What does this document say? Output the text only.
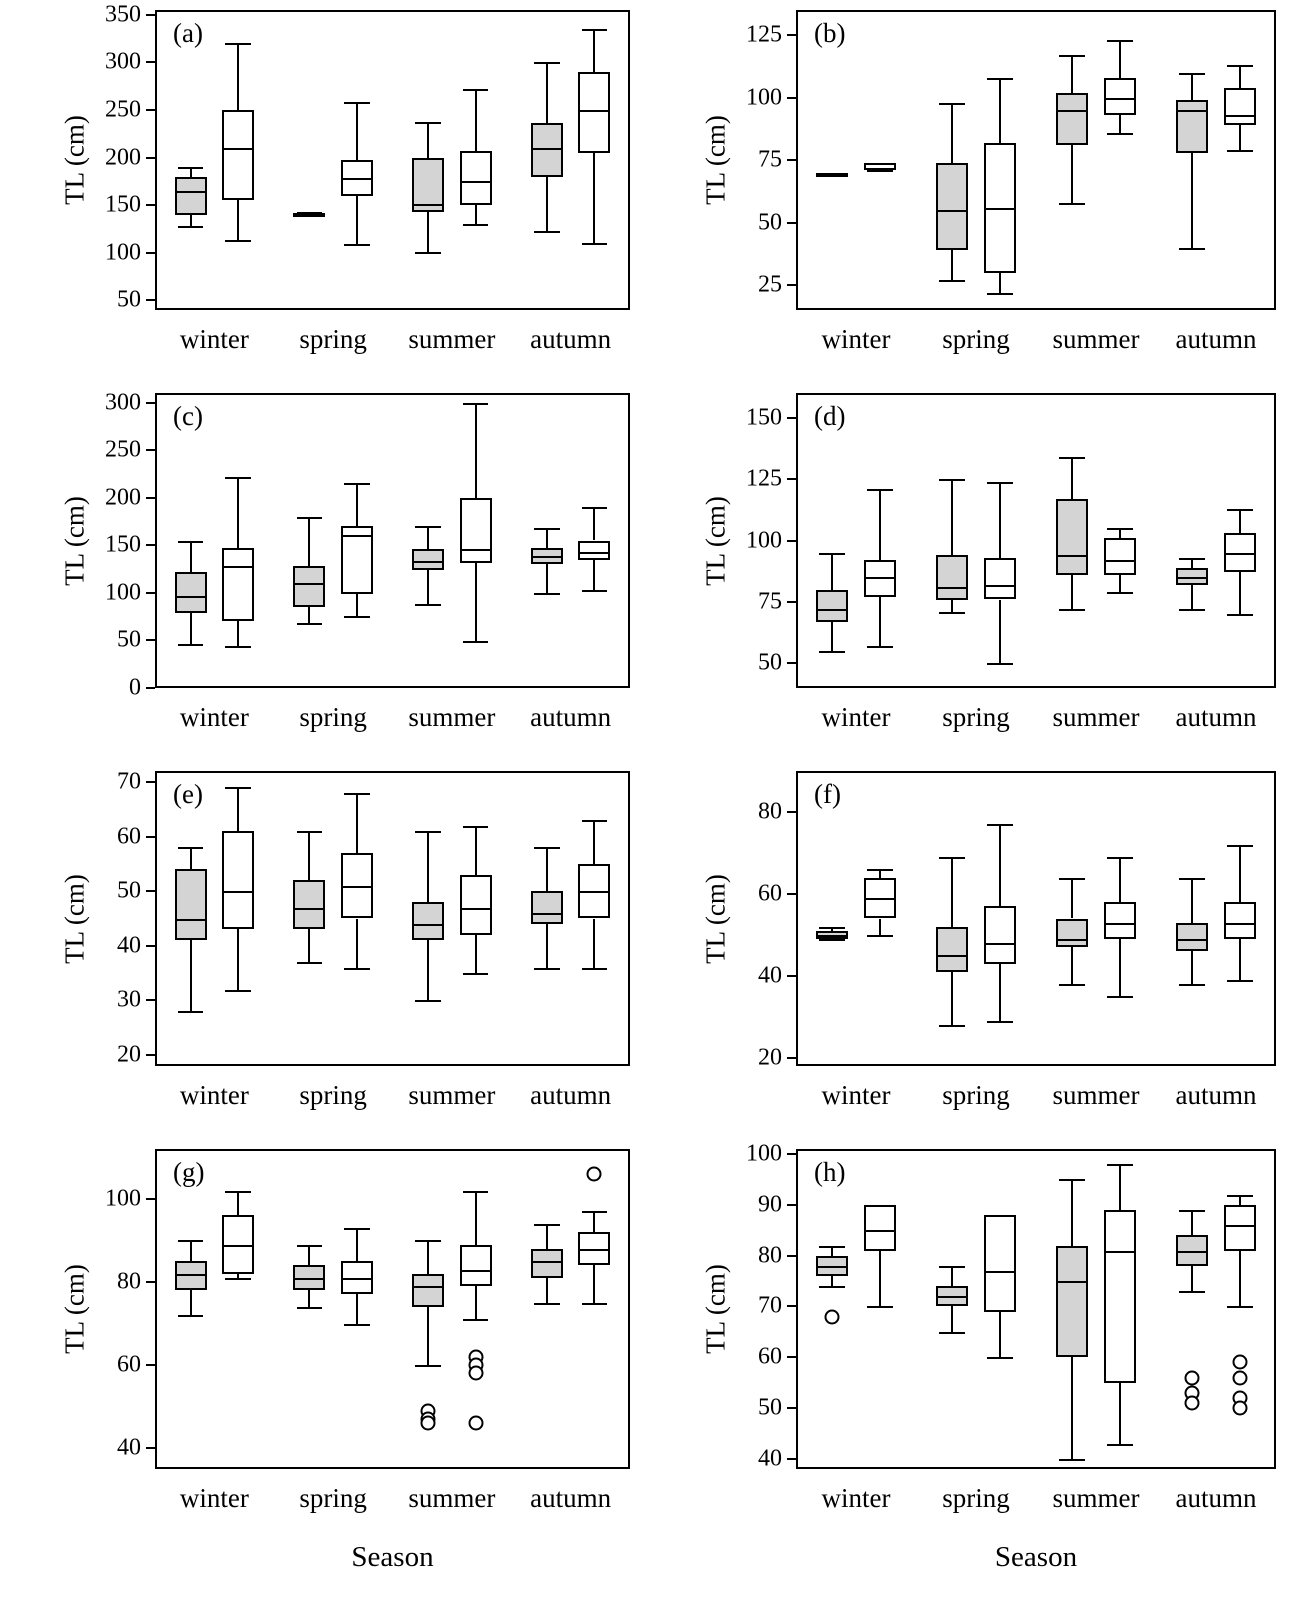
TL (cm)
50
100
150
200
250
300
350
(a)
winter spring summer autumn
TL (cm)
25
50
75
100
125 (b)
winter spring summer autumn
TL (cm)
0
50
100
150
200
250
300 (c)
winter spring summer autumn
TL (cm)
50
75
100
125
150 (d)
winter spring summer autumn
TL (cm)
20
30
40
50
60
70 (e)
winter spring summer autumn
TL (cm)
20
40
60
80
(f)
winter spring summer autumn
TL (cm)
40
60
80
100
(g)
winter spring summer autumn
Season
TL (cm)
40
50
60
70
80
90
100
(h)
winter spring summer autumn
Season
